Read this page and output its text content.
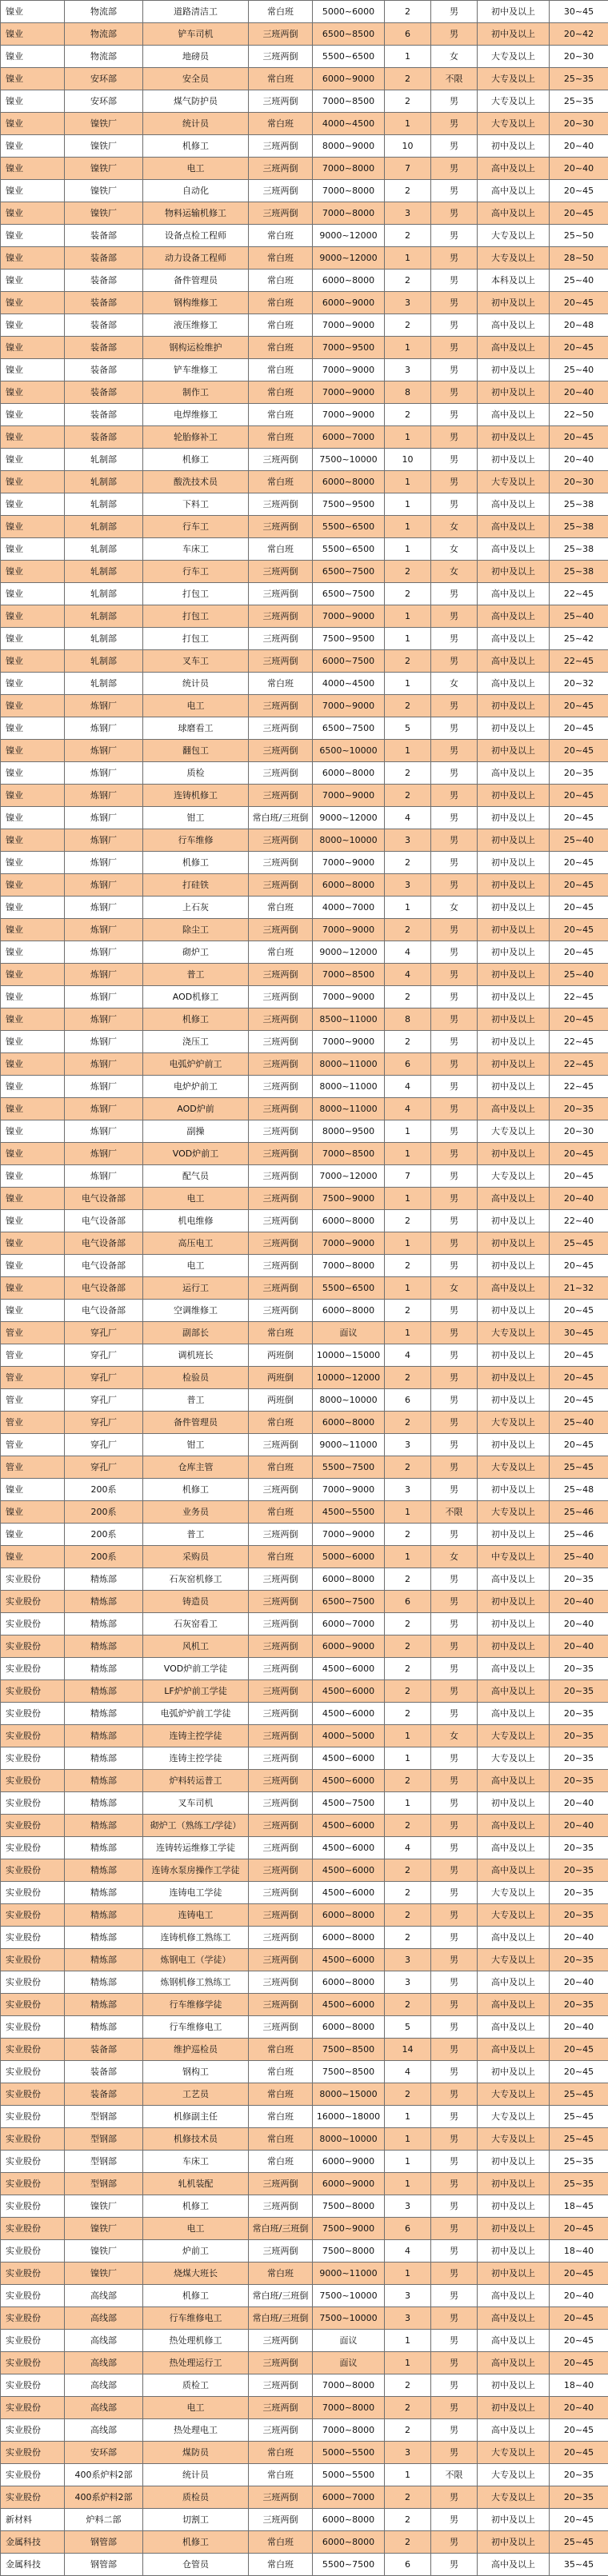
镍业	物流部	道路清洁工	常白班	5000~6000	2	男	初中及以上	30~45
镍业	物流部	铲车司机	三班两倒	6500~8500	6	男	初中及以上	20~42
镍业	物流部	地磅员	三班两倒	5500~6500	1	女	大专及以上	20~30
镍业	安环部	安全员	常白班	6000~9000	2	不限	大专及以上	25~35
镍业	安环部	煤气防护员	三班两倒	7000~8500	2	男	大专及以上	25~35
镍业	镍铁厂	统计员	常白班	4000~4500	1	男	大专及以上	20~30
镍业	镍铁厂	机修工	三班两倒	8000~9000	10	男	初中及以上	20~40
镍业	镍铁厂	电工	三班两倒	7000~8000	7	男	高中及以上	20~40
镍业	镍铁厂	自动化	三班两倒	7000~8000	2	男	高中及以上	20~45
镍业	镍铁厂	物料运输机修工	三班两倒	7000~8000	3	男	高中及以上	20~45
镍业	装备部	设备点检工程师	常白班	9000~12000	2	男	大专及以上	25~50
镍业	装备部	动力设备工程师	常白班	9000~12000	1	男	大专及以上	28~50
镍业	装备部	备件管理员	常白班	6000~8000	2	男	本科及以上	25~40
镍业	装备部	钢构维修工	常白班	6000~9000	3	男	初中及以上	20~45
镍业	装备部	液压维修工	常白班	7000~9000	2	男	高中及以上	20~48
镍业	装备部	钢构运检维护	常白班	7000~9500	1	男	高中及以上	20~45
镍业	装备部	铲车维修工	常白班	7000~9000	3	男	初中及以上	25~40
镍业	装备部	制作工	常白班	7000~9000	8	男	初中及以上	20~40
镍业	装备部	电焊维修工	常白班	7000~9000	2	男	高中及以上	22~50
镍业	装备部	轮胎修补工	常白班	6000~7000	1	男	初中及以上	20~45
镍业	轧制部	机修工	三班两倒	7500~10000	10	男	初中及以上	20~40
镍业	轧制部	酸洗技术员	常白班	6000~8000	1	男	大专及以上	20~30
镍业	轧制部	下料工	三班两倒	7500~9500	1	男	高中及以上	25~38
镍业	轧制部	行车工	三班两倒	5500~6500	1	女	高中及以上	25~38
镍业	轧制部	车床工	常白班	5500~6500	1	女	高中及以上	25~38
镍业	轧制部	行车工	三班两倒	6500~7500	2	女	初中及以上	25~38
镍业	轧制部	打包工	三班两倒	6500~7500	2	男	高中及以上	22~45
镍业	轧制部	打包工	三班两倒	7000~9000	1	男	高中及以上	25~40
镍业	轧制部	打包工	三班两倒	7500~9500	1	男	高中及以上	25~42
镍业	轧制部	叉车工	三班两倒	6000~7500	2	男	高中及以上	22~45
镍业	轧制部	统计员	常白班	4000~4500	1	女	高中及以上	20~32
镍业	炼钢厂	电工	三班两倒	7000~9000	2	男	初中及以上	20~45
镍业	炼钢厂	球磨看工	三班两倒	6500~7500	5	男	初中及以上	20~45
镍业	炼钢厂	翻包工	三班两倒	6500~10000	1	男	初中及以上	20~45
镍业	炼钢厂	质检	三班两倒	6000~8000	2	男	高中及以上	20~35
镍业	炼钢厂	连铸机修工	三班两倒	7000~9000	2	男	初中及以上	20~45
镍业	炼钢厂	钳工	常白班/三班倒	9000~12000	4	男	初中及以上	20~45
镍业	炼钢厂	行车维修	三班两倒	8000~10000	3	男	初中及以上	25~40
镍业	炼钢厂	机修工	三班两倒	7000~9000	2	男	初中及以上	20~45
镍业	炼钢厂	打硅铁	三班两倒	6000~8000	3	男	初中及以上	20~45
镍业	炼钢厂	上石灰	常白班	4000~7000	1	女	初中及以上	20~45
镍业	炼钢厂	除尘工	三班两倒	7000~9000	2	男	初中及以上	20~45
镍业	炼钢厂	砌炉工	常白班	9000~12000	4	男	初中及以上	20~45
镍业	炼钢厂	普工	三班两倒	7000~8500	4	男	初中及以上	25~40
镍业	炼钢厂	AOD机修工	三班两倒	7000~9000	2	男	初中及以上	22~45
镍业	炼钢厂	机修工	三班两倒	8500~11000	8	男	初中及以上	20~45
镍业	炼钢厂	浇压工	三班两倒	7000~9000	2	男	初中及以上	22~45
镍业	炼钢厂	电弧炉炉前工	三班两倒	8000~11000	6	男	初中及以上	22~45
镍业	炼钢厂	电炉炉前工	三班两倒	8000~11000	4	男	初中及以上	22~45
镍业	炼钢厂	AOD炉前	三班两倒	8000~11000	4	男	高中及以上	20~35
镍业	炼钢厂	副操	三班两倒	8000~9500	1	男	大专及以上	20~30
镍业	炼钢厂	VOD炉前工	三班两倒	7000~8500	1	男	初中及以上	20~45
镍业	炼钢厂	配气员	三班两倒	7000~12000	7	男	大专及以上	20~45
镍业	电气设备部	电工	三班两倒	7500~9000	1	男	高中及以上	20~40
镍业	电气设备部	机电维修	三班两倒	6000~8000	2	男	初中及以上	22~40
镍业	电气设备部	高压电工	三班两倒	7000~9000	1	男	初中及以上	25~45
镍业	电气设备部	电工	三班两倒	7000~8000	2	男	初中及以上	20~45
镍业	电气设备部	运行工	三班两倒	5500~6500	1	女	高中及以上	21~32
镍业	电气设备部	空调维修工	三班两倒	6000~8000	2	男	初中及以上	20~45
管业	穿孔厂	副部长	常白班	面议	1	男	大专及以上	30~45
管业	穿孔厂	调机班长	两班倒	10000~15000	4	男	初中及以上	20~45
管业	穿孔厂	检验员	两班倒	10000~12000	2	男	初中及以上	20~45
管业	穿孔厂	普工	两班倒	8000~10000	6	男	初中及以上	20~45
管业	穿孔厂	备件管理员	常白班	6000~8000	2	男	大专及以上	25~40
管业	穿孔厂	钳工	三班两倒	9000~11000	3	男	初中及以上	20~45
管业	穿孔厂	仓库主管	常白班	5500~7500	2	男	大专及以上	25~45
镍业	200系	机修工	三班两倒	7000~9000	3	男	初中及以上	25~48
镍业	200系	业务员	常白班	4500~5500	1	不限	大专及以上	25~46
镍业	200系	普工	三班两倒	7000~9000	2	男	初中及以上	25~46
镍业	200系	采购员	常白班	5000~6000	1	女	中专及以上	25~40
实业股份	精炼部	石灰窑机修工	三班两倒	6000~8000	2	男	高中及以上	20~35
实业股份	精炼部	铸造员	三班两倒	6500~7500	6	男	初中及以上	20~40
实业股份	精炼部	石灰窑看工	三班两倒	6000~7000	2	男	初中及以上	20~40
实业股份	精炼部	风机工	三班两倒	6000~9000	2	男	初中及以上	20~40
实业股份	精炼部	VOD炉前工学徒	三班两倒	4500~6000	2	男	高中及以上	20~35
实业股份	精炼部	LF炉炉前工学徒	三班两倒	4500~6000	2	男	高中及以上	20~35
实业股份	精炼部	电弧炉炉前工学徒	三班两倒	4500~6000	2	男	高中及以上	20~35
实业股份	精炼部	连铸主控学徒	三班两倒	4000~5000	1	女	大专及以上	20~35
实业股份	精炼部	连铸主控学徒	三班两倒	4500~6000	1	男	大专及以上	20~35
实业股份	精炼部	炉料转运普工	三班两倒	4500~6000	2	男	高中及以上	20~35
实业股份	精炼部	叉车司机	三班两倒	4500~7500	1	男	初中及以上	20~40
实业股份	精炼部	砌炉工（熟练工/学徒）	三班两倒	4500~6000	2	男	高中及以上	20~40
实业股份	精炼部	连铸转运维修工学徒	三班两倒	4500~6000	4	男	高中及以上	20~35
实业股份	精炼部	连铸水泵房操作工学徒	三班两倒	4500~6000	2	男	高中及以上	20~35
实业股份	精炼部	连铸电工学徒	三班两倒	4500~6000	2	男	大专及以上	20~35
实业股份	精炼部	连铸电工	三班两倒	6000~8000	2	男	大专及以上	20~35
实业股份	精炼部	连铸机修工熟练工	三班两倒	6000~8000	2	男	高中及以上	20~40
实业股份	精炼部	炼钢电工（学徒）	三班两倒	4500~6000	3	男	大专及以上	20~35
实业股份	精炼部	炼钢机修工熟练工	三班两倒	6000~8000	3	男	高中及以上	20~40
实业股份	精炼部	行车维修学徒	三班两倒	4500~6000	2	男	高中及以上	20~35
实业股份	精炼部	行车维修电工	三班两倒	6000~8000	5	男	高中及以上	20~40
实业股份	装备部	维护巡检员	常白班	7500~8500	14	男	高中及以上	20~45
实业股份	装备部	钢构工	常白班	7500~8500	4	男	初中及以上	20~45
实业股份	装备部	工艺员	常白班	8000~15000	2	男	大专及以上	25~45
实业股份	型钢部	机修副主任	常白班	16000~18000	1	男	大专及以上	25~45
实业股份	型钢部	机修技术员	常白班	8000~10000	1	男	大专及以上	25~45
实业股份	型钢部	车床工	常白班	6000~9000	1	男	初中及以上	25~35
实业股份	型钢部	轧机装配	三班两倒	6000~9000	1	男	初中及以上	25~35
实业股份	镍铁厂	机修工	三班两倒	7500~8000	3	男	初中及以上	18~45
实业股份	镍铁厂	电工	常白班/三班倒	7500~9000	6	男	初中及以上	20~45
实业股份	镍铁厂	炉前工	三班两倒	7500~8000	4	男	初中及以上	18~40
实业股份	镍铁厂	烧煤大班长	常白班	9000~11000	1	男	初中及以上	20~45
实业股份	高线部	机修工	常白班/三班倒	7500~10000	3	男	高中及以上	20~40
实业股份	高线部	行车维修电工	常白班/三班倒	7500~10000	3	男	高中及以上	20~45
实业股份	高线部	热处理机修工	三班两倒	面议	1	男	高中及以上	20~45
实业股份	高线部	热处理运行工	三班两倒	面议	1	男	高中及以上	20~45
实业股份	高线部	质检工	三班两倒	7000~8000	2	男	初中及以上	18~40
实业股份	高线部	电工	三班两倒	7000~8000	2	男	初中及以上	20~40
实业股份	高线部	热处理电工	三班两倒	7000~8000	2	男	高中及以上	20~45
实业股份	安环部	煤防员	常白班	5000~5500	3	男	大专及以上	20~45
实业股份	400系炉料2部	统计员	常白班	5000~5500	1	不限	大专及以上	20~35
实业股份	400系炉料2部	质检员	三班两倒	6000~7000	2	男	大专及以上	20~35
新材料	炉料二部	切割工	三班两倒	6000~8000	2	男	初中及以上	20~45
金属科技	钢管部	机修工	常白班	6000~8000	2	男	初中及以上	25~45
金属科技	钢管部	仓管员	常白班	5500~7500	6	男	高中及以上	35~45
